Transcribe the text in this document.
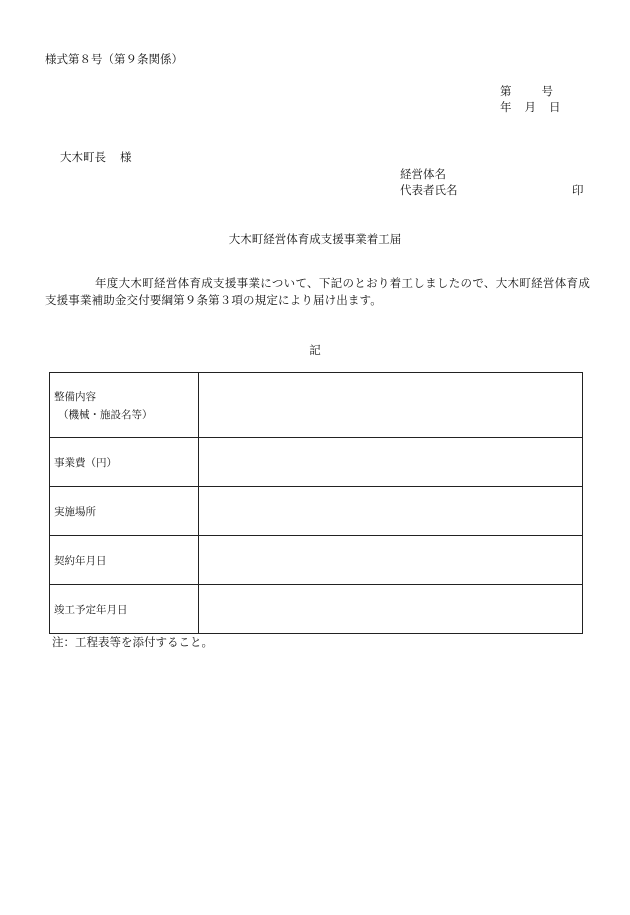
様式第８号（第９条関係）
第	号
年 月 日
大木町長 様
経営体名
代表者氏名	印
大木町経営体育成支援事業着工届
年度大木町経営体育成支援事業について、下記のとおり着工しましたので、大木町経営体育成支援事業補助金交付要綱第９条第３項の規定により届け出ます。
記
整備内容
（機械・施設名等）	

事業費（円）	
実施場所	
契約年月日	
竣工予定年月日	
注：工程表等を添付すること。
